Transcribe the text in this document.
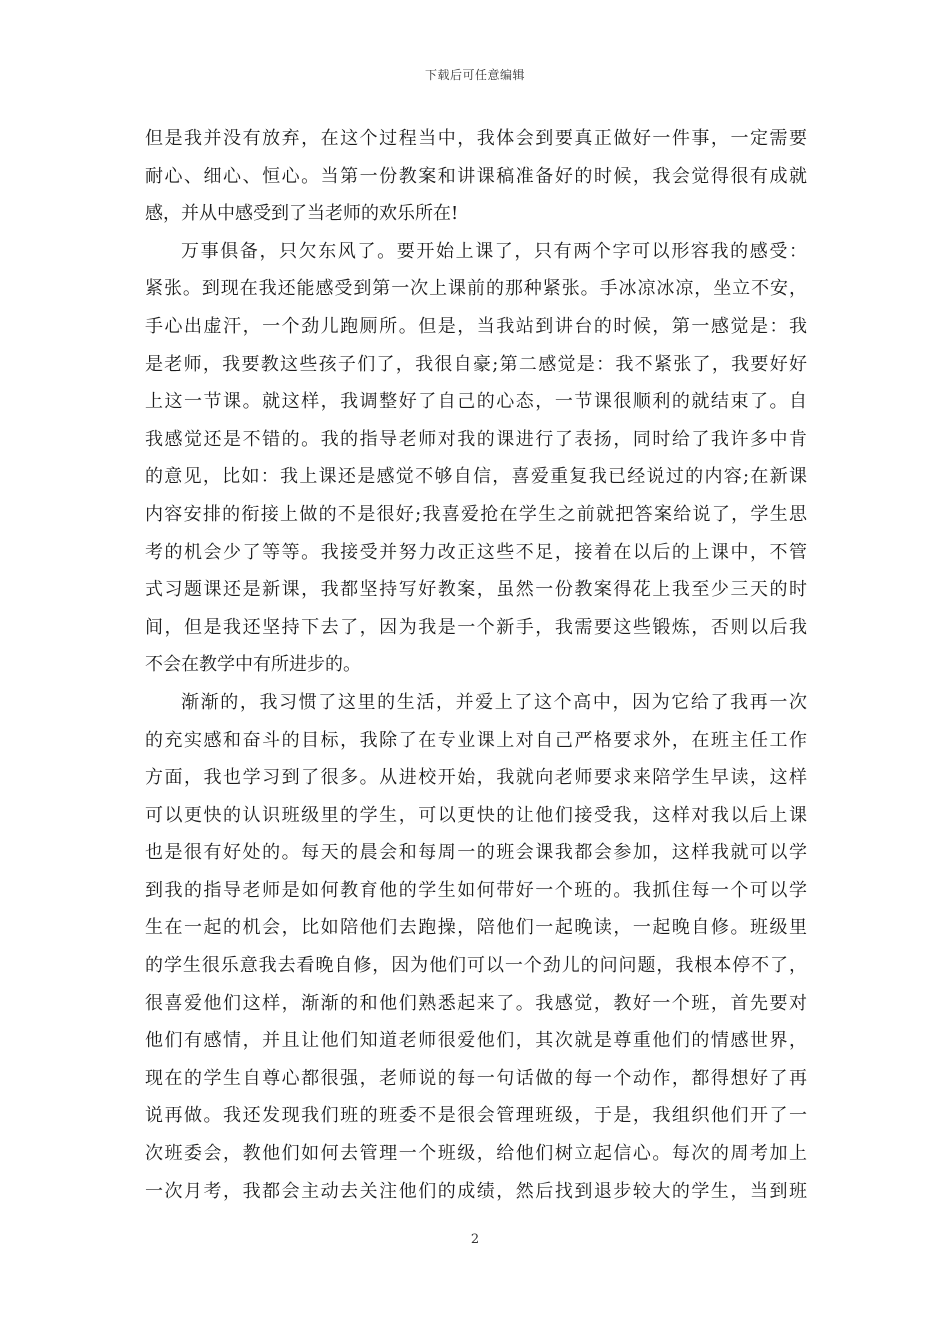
下载后可任意编辑
但是我并没有放弃，在这个过程当中，我体会到要真正做好一件事，一定需要
耐心、细心、恒心。当第一份教案和讲课稿准备好的时候，我会觉得很有成就
感，并从中感受到了当老师的欢乐所在!
万事俱备，只欠东风了。要开始上课了，只有两个字可以形容我的感受：
紧张。到现在我还能感受到第一次上课前的那种紧张。手冰凉冰凉，坐立不安，
手心出虚汗，一个劲儿跑厕所。但是，当我站到讲台的时候，第一感觉是：我
是老师，我要教这些孩子们了，我很自豪;第二感觉是：我不紧张了，我要好好
上这一节课。就这样，我调整好了自己的心态，一节课很顺利的就结束了。自
我感觉还是不错的。我的指导老师对我的课进行了表扬，同时给了我许多中肯
的意见，比如：我上课还是感觉不够自信，喜爱重复我已经说过的内容;在新课
内容安排的衔接上做的不是很好;我喜爱抢在学生之前就把答案给说了，学生思
考的机会少了等等。我接受并努力改正这些不足，接着在以后的上课中，不管
式习题课还是新课，我都坚持写好教案，虽然一份教案得花上我至少三天的时
间，但是我还坚持下去了，因为我是一个新手，我需要这些锻炼，否则以后我
不会在教学中有所进步的。
渐渐的，我习惯了这里的生活，并爱上了这个高中，因为它给了我再一次
的充实感和奋斗的目标，我除了在专业课上对自己严格要求外，在班主任工作
方面，我也学习到了很多。从进校开始，我就向老师要求来陪学生早读，这样
可以更快的认识班级里的学生，可以更快的让他们接受我，这样对我以后上课
也是很有好处的。每天的晨会和每周一的班会课我都会参加，这样我就可以学
到我的指导老师是如何教育他的学生如何带好一个班的。我抓住每一个可以学
生在一起的机会，比如陪他们去跑操，陪他们一起晚读，一起晚自修。班级里
的学生很乐意我去看晚自修，因为他们可以一个劲儿的问问题，我根本停不了，
很喜爱他们这样，渐渐的和他们熟悉起来了。我感觉，教好一个班，首先要对
他们有感情，并且让他们知道老师很爱他们，其次就是尊重他们的情感世界，
现在的学生自尊心都很强，老师说的每一句话做的每一个动作，都得想好了再
说再做。我还发现我们班的班委不是很会管理班级，于是，我组织他们开了一
次班委会，教他们如何去管理一个班级，给他们树立起信心。每次的周考加上
一次月考，我都会主动去关注他们的成绩，然后找到退步较大的学生，当到班
2
